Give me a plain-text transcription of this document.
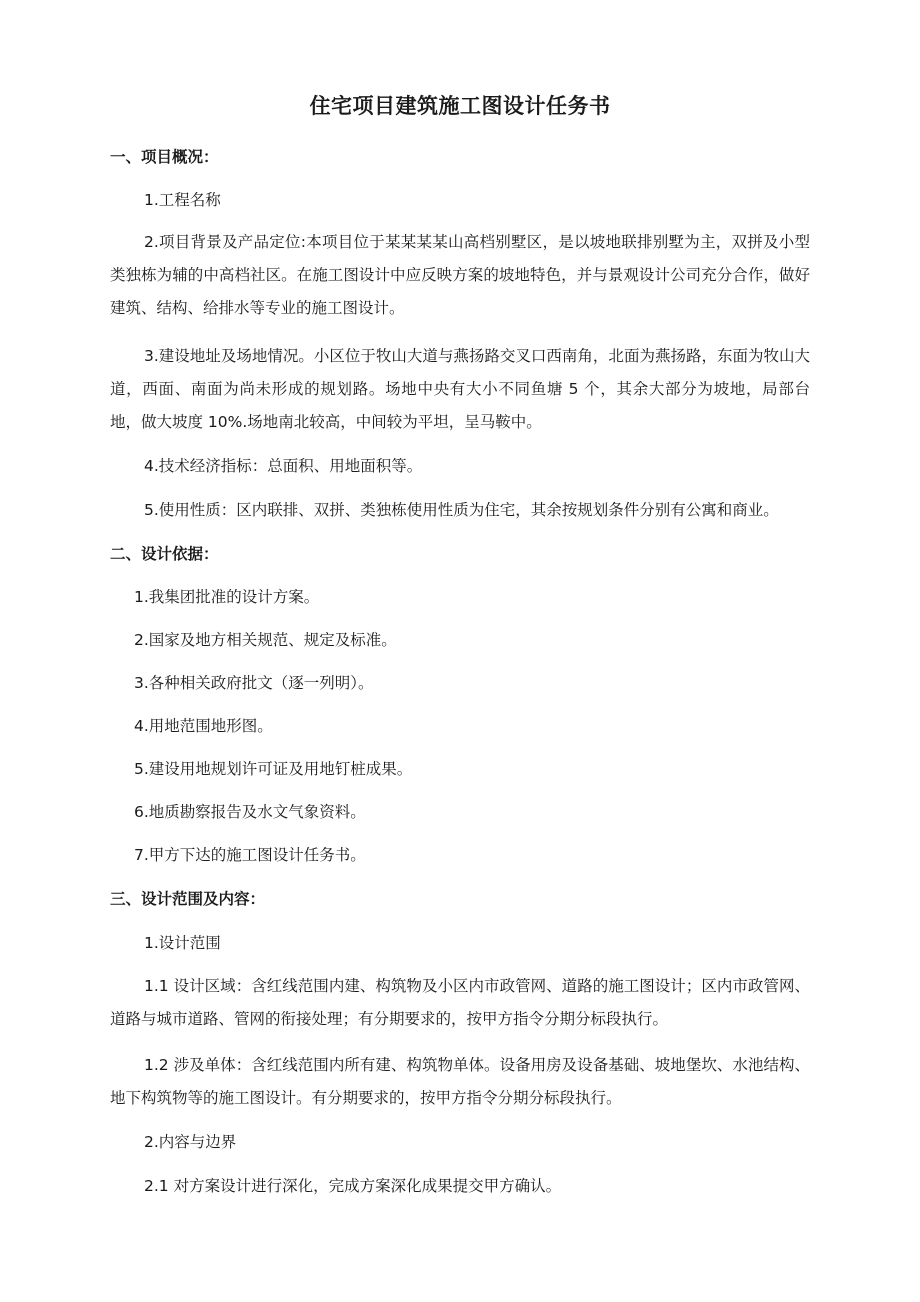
住宅项目建筑施工图设计任务书
一、项目概况：
1.工程名称
2.项目背景及产品定位:本项目位于某某某某山高档别墅区，是以坡地联排别墅为主，双拼及小型类独栋为辅的中高档社区。在施工图设计中应反映方案的坡地特色，并与景观设计公司充分合作，做好建筑、结构、给排水等专业的施工图设计。
3.建设地址及场地情况。小区位于牧山大道与燕扬路交叉口西南角，北面为燕扬路，东面为牧山大道，西面、南面为尚未形成的规划路。场地中央有大小不同鱼塘 5 个，其余大部分为坡地，局部台地，做大坡度 10%.场地南北较高，中间较为平坦，呈马鞍中。
4.技术经济指标：总面积、用地面积等。
5.使用性质：区内联排、双拼、类独栋使用性质为住宅，其余按规划条件分别有公寓和商业。
二、设计依据：
1.我集团批准的设计方案。
2.国家及地方相关规范、规定及标准。
3.各种相关政府批文（逐一列明）。
4.用地范围地形图。
5.建设用地规划许可证及用地钉桩成果。
6.地质勘察报告及水文气象资料。
7.甲方下达的施工图设计任务书。
三、设计范围及内容：
1.设计范围
1.1 设计区域：含红线范围内建、构筑物及小区内市政管网、道路的施工图设计；区内市政管网、道路与城市道路、管网的衔接处理；有分期要求的，按甲方指令分期分标段执行。
1.2 涉及单体：含红线范围内所有建、构筑物单体。设备用房及设备基础、坡地堡坎、水池结构、地下构筑物等的施工图设计。有分期要求的，按甲方指令分期分标段执行。
2.内容与边界
2.1 对方案设计进行深化，完成方案深化成果提交甲方确认。
